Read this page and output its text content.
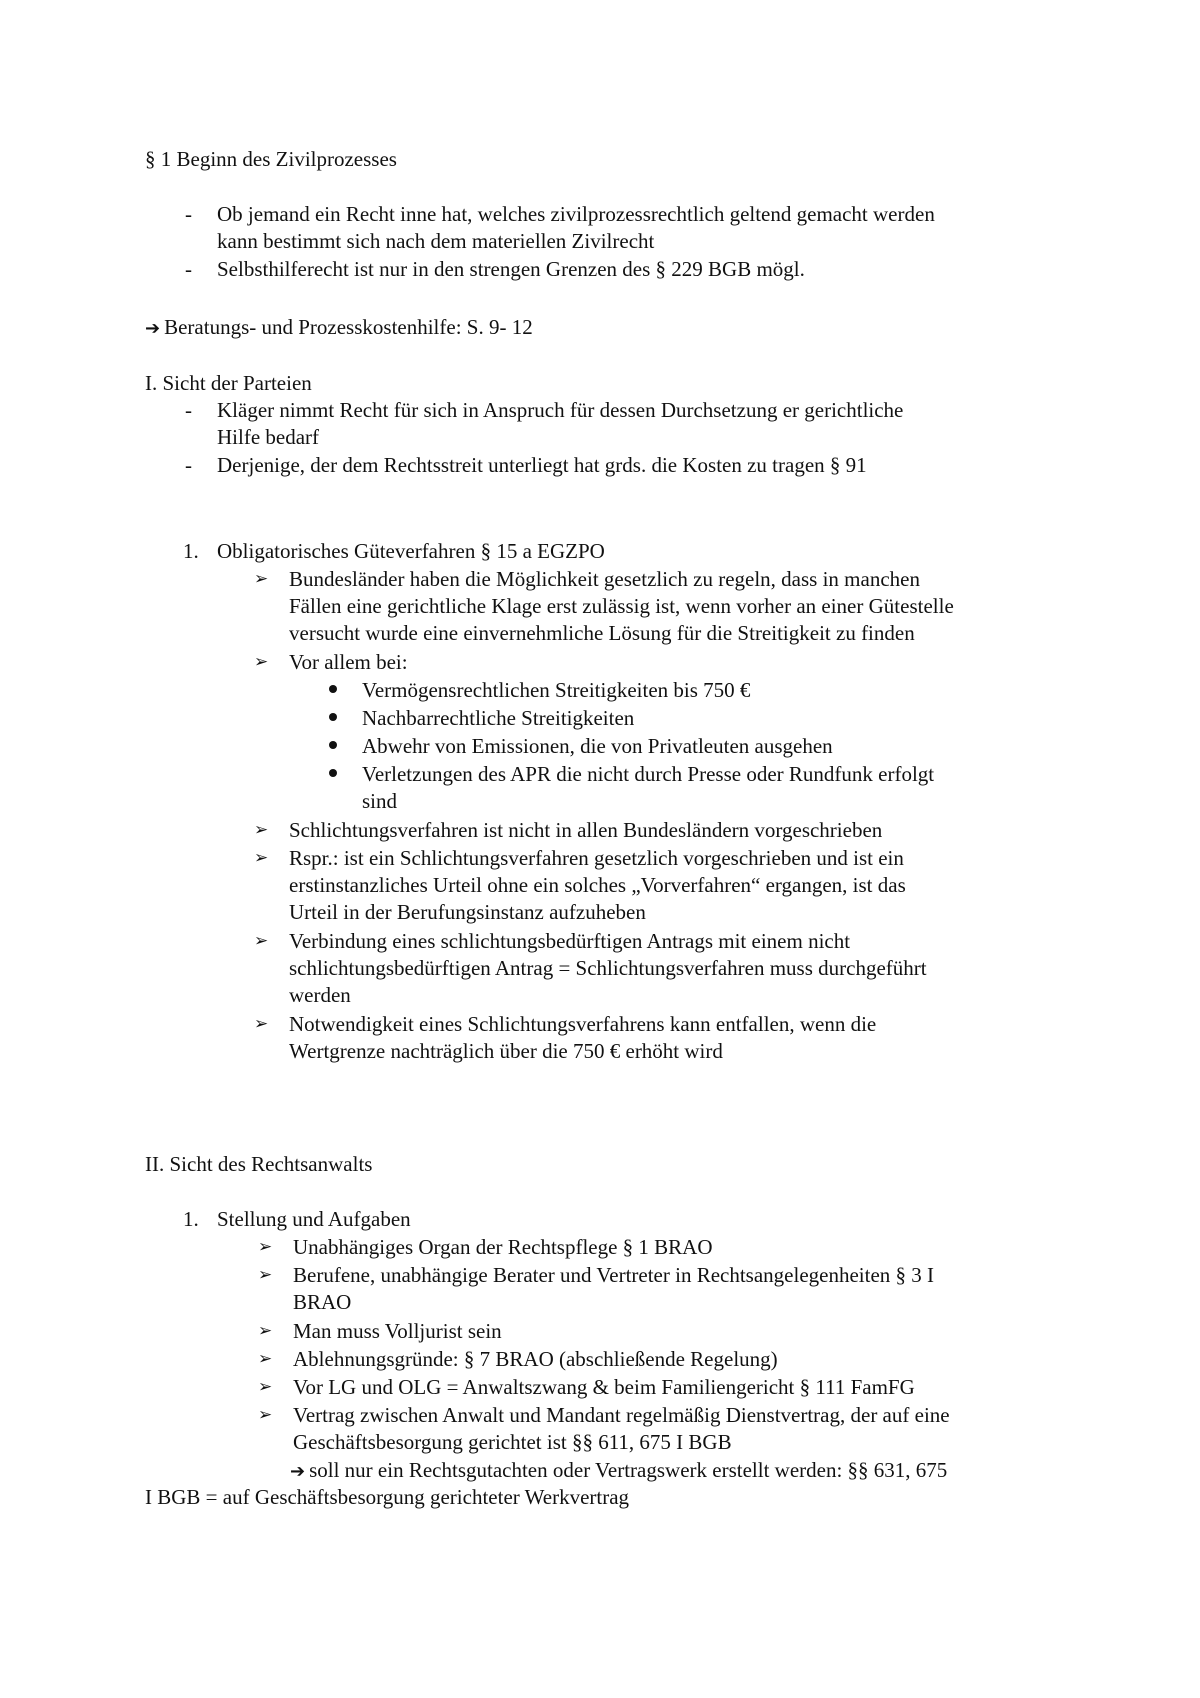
§ 1 Beginn des Zivilprozesses
- Ob jemand ein Recht inne hat, welches zivilprozessrechtlich geltend gemacht werden
kann bestimmt sich nach dem materiellen Zivilrecht
- Selbsthilferecht ist nur in den strengen Grenzen des § 229 BGB mögl.
➔ Beratungs- und Prozesskostenhilfe: S. 9- 12
I. Sicht der Parteien
- Kläger nimmt Recht für sich in Anspruch für dessen Durchsetzung er gerichtliche
Hilfe bedarf
- Derjenige, der dem Rechtsstreit unterliegt hat grds. die Kosten zu tragen § 91
1. Obligatorisches Güteverfahren § 15 a EGZPO
➢ Bundesländer haben die Möglichkeit gesetzlich zu regeln, dass in manchen
Fällen eine gerichtliche Klage erst zulässig ist, wenn vorher an einer Gütestelle
versucht wurde eine einvernehmliche Lösung für die Streitigkeit zu finden
➢ Vor allem bei:
Vermögensrechtlichen Streitigkeiten bis 750 €
Nachbarrechtliche Streitigkeiten
Abwehr von Emissionen, die von Privatleuten ausgehen
Verletzungen des APR die nicht durch Presse oder Rundfunk erfolgt
sind
➢ Schlichtungsverfahren ist nicht in allen Bundesländern vorgeschrieben
➢ Rspr.: ist ein Schlichtungsverfahren gesetzlich vorgeschrieben und ist ein
erstinstanzliches Urteil ohne ein solches „Vorverfahren“ ergangen, ist das
Urteil in der Berufungsinstanz aufzuheben
➢ Verbindung eines schlichtungsbedürftigen Antrags mit einem nicht
schlichtungsbedürftigen Antrag = Schlichtungsverfahren muss durchgeführt
werden
➢ Notwendigkeit eines Schlichtungsverfahrens kann entfallen, wenn die
Wertgrenze nachträglich über die 750 € erhöht wird
II. Sicht des Rechtsanwalts
1. Stellung und Aufgaben
➢ Unabhängiges Organ der Rechtspflege § 1 BRAO
➢ Berufene, unabhängige Berater und Vertreter in Rechtsangelegenheiten § 3 I
BRAO
➢ Man muss Volljurist sein
➢ Ablehnungsgründe: § 7 BRAO (abschließende Regelung)
➢ Vor LG und OLG = Anwaltszwang & beim Familiengericht § 111 FamFG
➢ Vertrag zwischen Anwalt und Mandant regelmäßig Dienstvertrag, der auf eine
Geschäftsbesorgung gerichtet ist §§ 611, 675 I BGB
➔ soll nur ein Rechtsgutachten oder Vertragswerk erstellt werden: §§ 631, 675
I BGB = auf Geschäftsbesorgung gerichteter Werkvertrag
